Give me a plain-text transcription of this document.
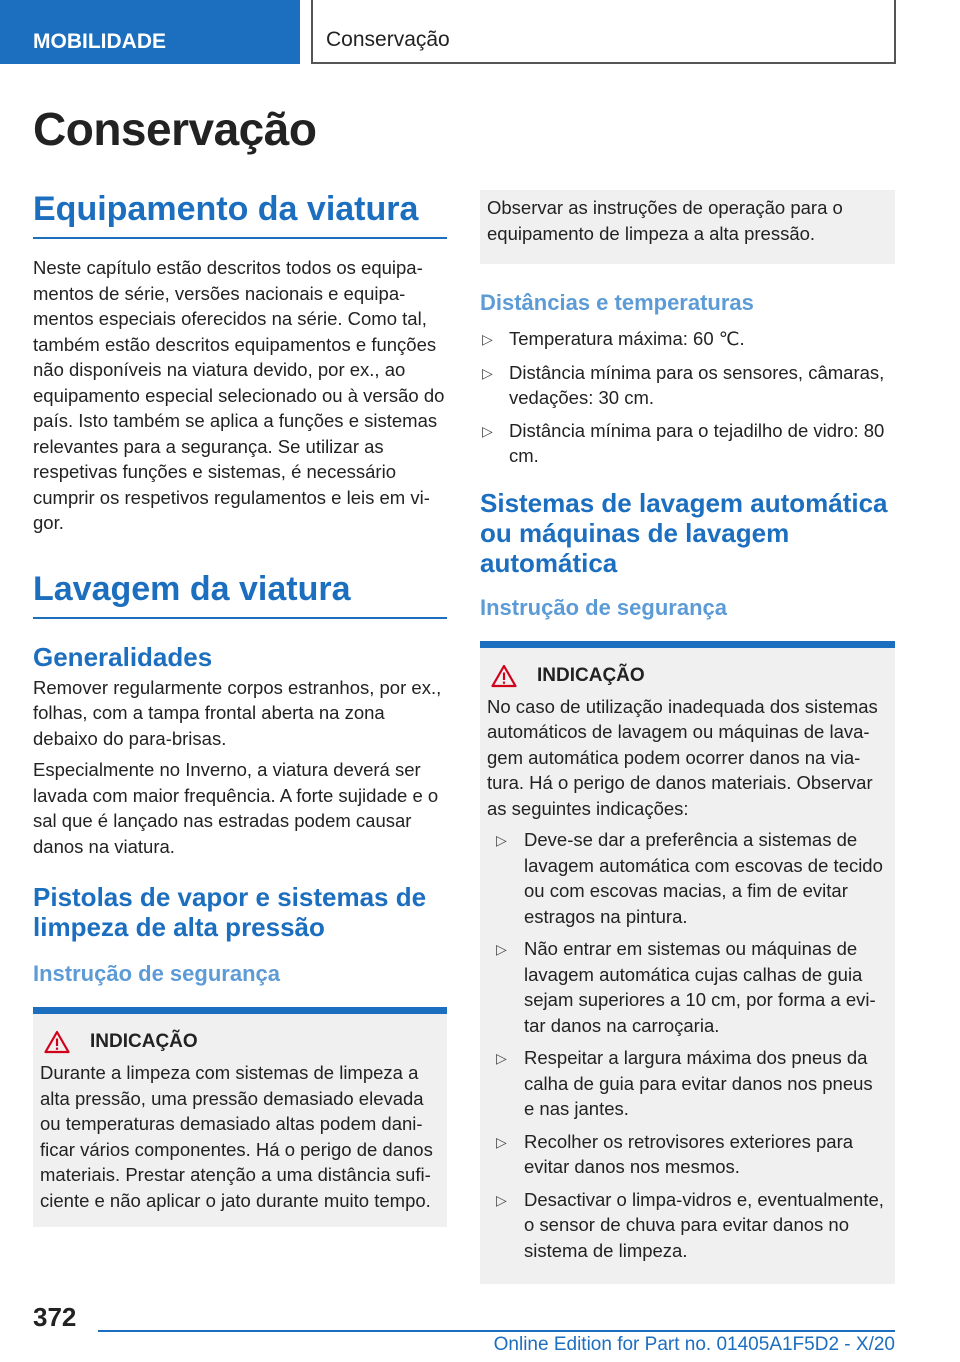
MOBILIDADE	Conservação
Conservação
Equipamento da viatura

Neste capítulo estão descritos todos os equipamentos de série, versões nacionais e equipamentos especiais oferecidos na série. Como tal, também estão descritos equipamentos e funções não disponíveis na viatura devido, por ex., ao equipamento especial selecionado ou à versão do país. Isto também se aplica a funções e sistemas relevantes para a segurança. Se utilizar as respetivas funções e sistemas, é necessário cumprir os respetivos regulamentos e leis em vigor.

Lavagem da viatura
Generalidades

Remover regularmente corpos estranhos, por ex., folhas, com a tampa frontal aberta na zona debaixo do para-brisas.

Especialmente no Inverno, a viatura deverá ser lavada com maior frequência. A forte sujidade e o sal que é lançado nas estradas podem causar danos na viatura.

Pistolas de vapor e sistemas de limpeza de alta pressão
Instrução de segurança
INDICAÇÃO

Durante a limpeza com sistemas de limpeza a alta pressão, uma pressão demasiado elevada ou temperaturas demasiado altas podem danificar vários componentes. Há o perigo de danos materiais. Prestar atenção a uma distância suficiente e não aplicar o jato durante muito tempo.

Observar as instruções de operação para o equipamento de limpeza a alta pressão.

Distâncias e temperaturas
▷ Temperatura máxima: 60 ℃.
▷ Distância mínima para os sensores, câmaras, vedações: 30 cm.
▷ Distância mínima para o tejadilho de vidro: 80 cm.
Sistemas de lavagem automática ou máquinas de lavagem automática
Instrução de segurança
INDICAÇÃO

No caso de utilização inadequada dos sistemas automáticos de lavagem ou máquinas de lavagem automática podem ocorrer danos na viatura. Há o perigo de danos materiais. Observar as seguintes indicações:

▷ Deve-se dar a preferência a sistemas de lavagem automática com escovas de tecido ou com escovas macias, a fim de evitar estragos na pintura.
▷ Não entrar em sistemas ou máquinas de lavagem automática cujas calhas de guia sejam superiores a 10 cm, por forma a evitar danos na carroçaria.
▷ Respeitar a largura máxima dos pneus da calha de guia para evitar danos nos pneus e nas jantes.
▷ Recolher os retrovisores exteriores para evitar danos nos mesmos.
▷ Desactivar o limpa-vidros e, eventualmente, o sensor de chuva para evitar danos no sistema de limpeza.
372
Online Edition for Part no. 01405A1F5D2 - X/20
